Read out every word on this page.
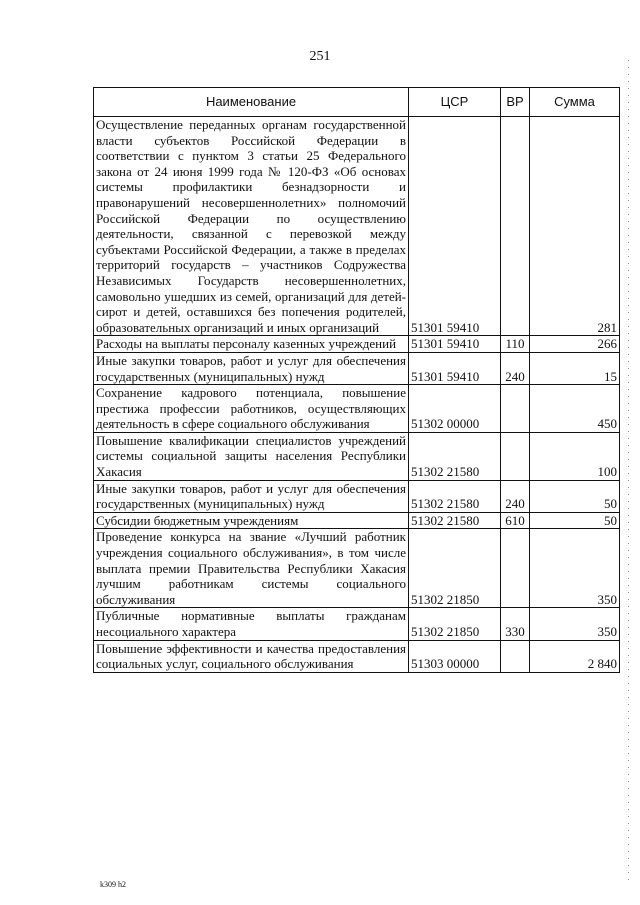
251
Наименование	ЦСР	ВР	Сумма
Осуществление переданных органам государственной власти субъектов Российской Федерации в соответствии с пунктом 3 статьи 25 Федерального закона от 24 июня 1999 года № 120-ФЗ «Об основах системы профилактики безнадзорности и правонарушений несовершеннолетних» полномочий Российской Федерации по осуществлению деятельности, связанной с перевозкой между субъектами Российской Федерации, а также в пределах территорий государств – участников Содружества Независимых Государств несовершеннолетних, самовольно ушедших из семей, организаций для детей-сирот и детей, оставшихся без попечения родителей, образовательных организаций и иных организаций	51301 59410		281
Расходы на выплаты персоналу казенных учреждений	51301 59410	110	266
Иные закупки товаров, работ и услуг для обеспечения государственных (муниципальных) нужд	51301 59410	240	15
Сохранение кадрового потенциала, повышение престижа профессии работников, осуществляющих деятельность в сфере социального обслуживания	51302 00000		450
Повышение квалификации специалистов учреждений системы социальной защиты населения Республики Хакасия	51302 21580		100
Иные закупки товаров, работ и услуг для обеспечения государственных (муниципальных) нужд	51302 21580	240	50
Субсидии бюджетным учреждениям	51302 21580	610	50
Проведение конкурса на звание «Лучший работник учреждения социального обслуживания», в том числе выплата премии Правительства Республики Хакасия лучшим работникам системы социального обслуживания	51302 21850		350
Публичные нормативные выплаты гражданам несоциального характера	51302 21850	330	350
Повышение эффективности и качества предоставления социальных услуг, социального обслуживания	51303 00000		2 840
k309 h2
